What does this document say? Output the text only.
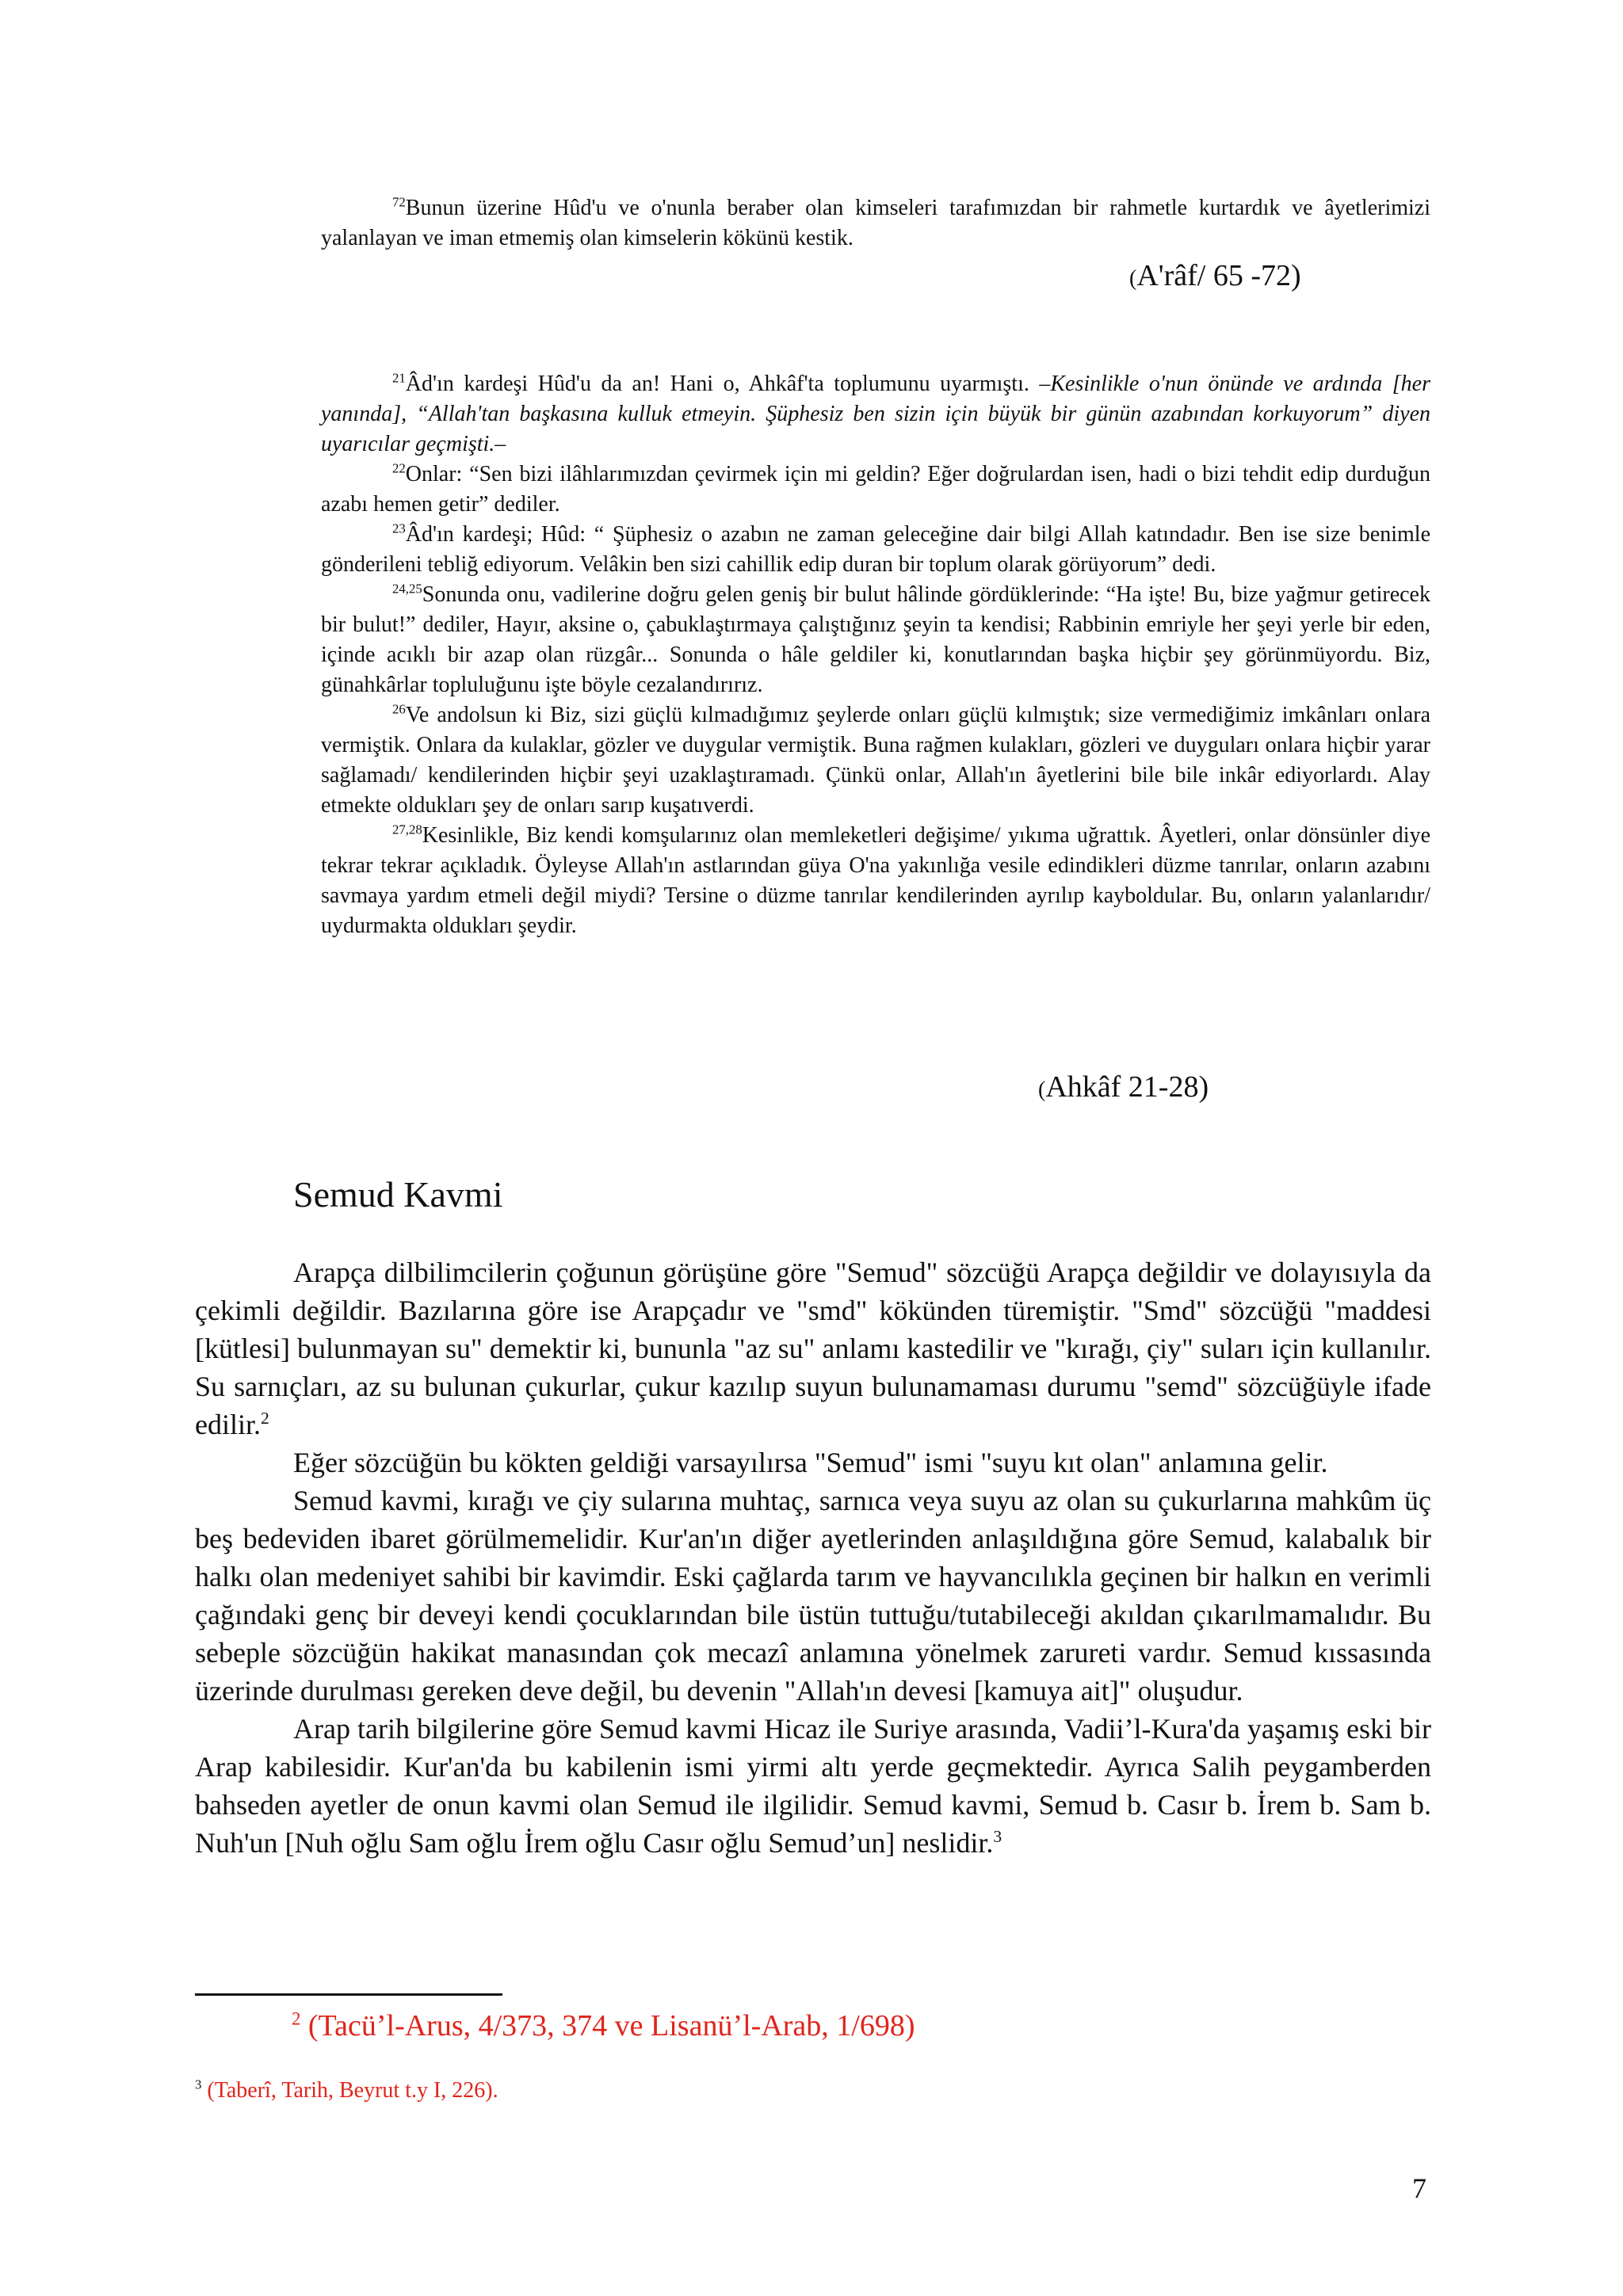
$^{72}$Bunun üzerine Hûd'u ve o'nunla beraber olan kimseleri tarafımızdan bir rahmetle kurtardık ve âyetlerimizi yalanlayan ve iman etmemiş olan kimselerin kökünü kestik.

(A'râf/ 65 -72)

$^{21}$Âd'ın kardeşi Hûd'u da an! Hani o, Ahkâf'ta toplumunu uyarmıştı. –Kesinlikle o'nun önünde ve ardında [her yanında], “Allah'tan başkasına kulluk etmeyin. Şüphesiz ben sizin için büyük bir günün azabından korkuyorum” diyen uyarıcılar geçmişti.–

$^{22}$Onlar: “Sen bizi ilâhlarımızdan çevirmek için mi geldin? Eğer doğrulardan isen, hadi o bizi tehdit edip durduğun azabı hemen getir” dediler.

$^{23}$Âd'ın kardeşi; Hûd: “ Şüphesiz o azabın ne zaman geleceğine dair bilgi Allah katındadır. Ben ise size benimle gönderileni tebliğ ediyorum. Velâkin ben sizi cahillik edip duran bir toplum olarak görüyorum” dedi.

$^{24,25}$Sonunda onu, vadilerine doğru gelen geniş bir bulut hâlinde gördüklerinde: “Ha işte! Bu, bize yağmur getirecek bir bulut!” dediler, Hayır, aksine o, çabuklaştırmaya çalıştığınız şeyin ta kendisi; Rabbinin emriyle her şeyi yerle bir eden, içinde acıklı bir azap olan rüzgâr... Sonunda o hâle geldiler ki, konutlarından başka hiçbir şey görünmüyordu. Biz, günahkârlar topluluğunu işte böyle cezalandırırız.

$^{26}$Ve andolsun ki Biz, sizi güçlü kılmadığımız şeylerde onları güçlü kılmıştık; size vermediğimiz imkânları onlara vermiştik. Onlara da kulaklar, gözler ve duygular vermiştik. Buna rağmen kulakları, gözleri ve duyguları onlara hiçbir yarar sağlamadı/ kendilerinden hiçbir şeyi uzaklaştıramadı. Çünkü onlar, Allah'ın âyetlerini bile bile inkâr ediyorlardı. Alay etmekte oldukları şey de onları sarıp kuşatıverdi.

$^{27,28}$Kesinlikle, Biz kendi komşularınız olan memleketleri değişime/ yıkıma uğrattık. Âyetleri, onlar dönsünler diye tekrar tekrar açıkladık. Öyleyse Allah'ın astlarından güya O'na yakınlığa vesile edindikleri düzme tanrılar, onların azabını savmaya yardım etmeli değil miydi? Tersine o düzme tanrılar kendilerinden ayrılıp kayboldular. Bu, onların yalanlarıdır/ uydurmakta oldukları şeydir.

(Ahkâf 21-28)
Semud Kavmi

Arapça dilbilimcilerin çoğunun görüşüne göre "Semud" sözcüğü Arapça değildir ve dolayısıyla da çekimli değildir. Bazılarına göre ise Arapçadır ve "smd" kökünden türemiştir. "Smd" sözcüğü "maddesi [kütlesi] bulunmayan su" demektir ki, bununla "az su" anlamı kastedilir ve "kırağı, çiy" suları için kullanılır. Su sarnıçları, az su bulunan çukurlar, çukur kazılıp suyun bulunamaması durumu "semd" sözcüğüyle ifade edilir.$^2$

Eğer sözcüğün bu kökten geldiği varsayılırsa "Semud" ismi "suyu kıt olan" anlamına gelir.

Semud kavmi, kırağı ve çiy sularına muhtaç, sarnıca veya suyu az olan su çukurlarına mahkûm üç beş bedeviden ibaret görülmemelidir. Kur'an'ın diğer ayetlerinden anlaşıldığına göre Semud, kalabalık bir halkı olan medeniyet sahibi bir kavimdir. Eski çağlarda tarım ve hayvancılıkla geçinen bir halkın en verimli çağındaki genç bir deveyi kendi çocuklarından bile üstün tuttuğu/tutabileceği akıldan çıkarılmamalıdır. Bu sebeple sözcüğün hakikat manasından çok mecazî anlamına yönelmek zarureti vardır. Semud kıssasında üzerinde durulması gereken deve değil, bu devenin "Allah'ın devesi [kamuya ait]" oluşudur.

Arap tarih bilgilerine göre Semud kavmi Hicaz ile Suriye arasında, Vadii’l-Kura'da yaşamış eski bir Arap kabilesidir. Kur'an'da bu kabilenin ismi yirmi altı yerde geçmektedir. Ayrıca Salih peygamberden bahseden ayetler de onun kavmi olan Semud ile ilgilidir. Semud kavmi, Semud b. Casır b. İrem b. Sam b. Nuh'un [Nuh oğlu Sam oğlu İrem oğlu Casır oğlu Semud’un] neslidir.$^3$

$^2$ (Tacü’l-Arus, 4/373, 374 ve Lisanü’l-Arab, 1/698)
$^3$ (Taberî, Tarih, Beyrut t.y I, 226).
7
